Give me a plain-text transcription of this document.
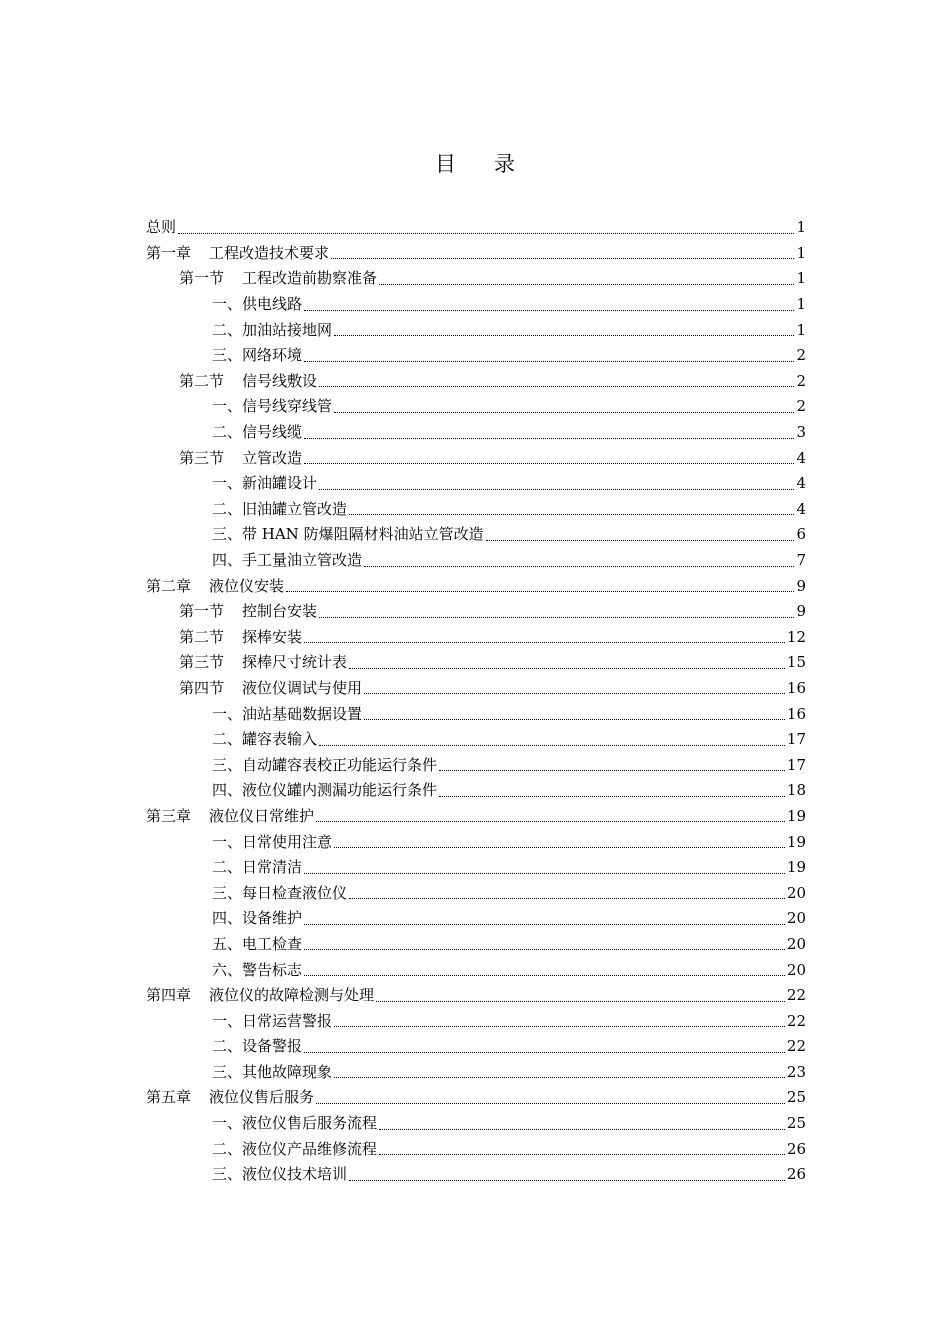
目 录
总则	1
第一章 工程改造技术要求	1
第一节 工程改造前勘察准备	1
一、供电线路	1
二、加油站接地网	1
三、网络环境	2
第二节 信号线敷设	2
一、信号线穿线管	2
二、信号线缆	3
第三节 立管改造	4
一、新油罐设计	4
二、旧油罐立管改造	4
三、带 HAN 防爆阻隔材料油站立管改造	6
四、手工量油立管改造	7
第二章 液位仪安装	9
第一节 控制台安装	9
第二节 探棒安装	12
第三节 探棒尺寸统计表	15
第四节 液位仪调试与使用	16
一、油站基础数据设置	16
二、罐容表输入	17
三、自动罐容表校正功能运行条件	17
四、液位仪罐内测漏功能运行条件	18
第三章 液位仪日常维护	19
一、日常使用注意	19
二、日常清洁	19
三、每日检查液位仪	20
四、设备维护	20
五、电工检查	20
六、警告标志	20
第四章 液位仪的故障检测与处理	22
一、日常运营警报	22
二、设备警报	22
三、其他故障现象	23
第五章 液位仪售后服务	25
一、液位仪售后服务流程	25
二、液位仪产品维修流程	26
三、液位仪技术培训	26
